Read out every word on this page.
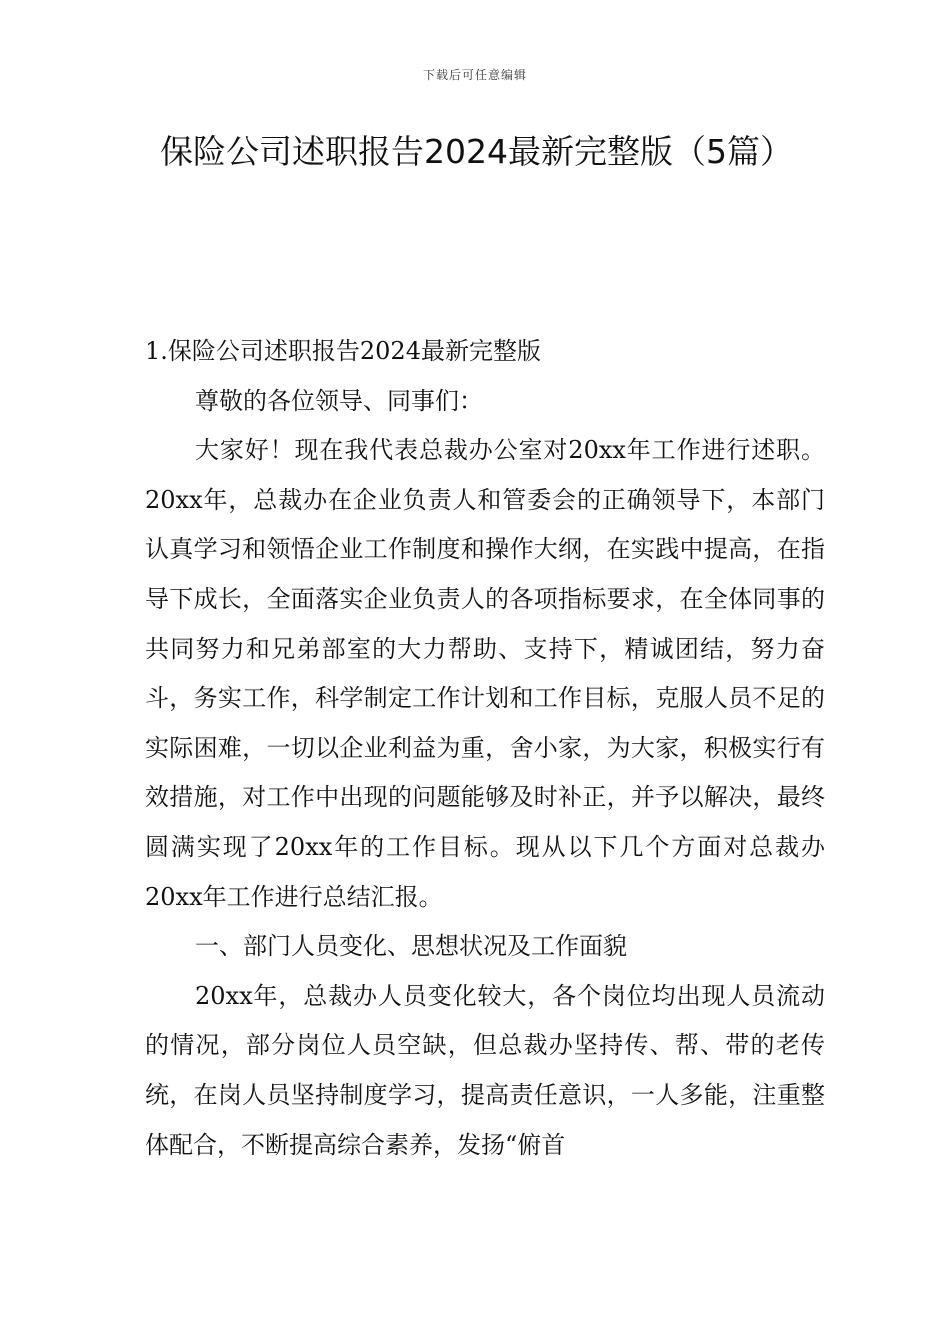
下载后可任意编辑
保险公司述职报告2024最新完整版（5篇）

1.保险公司述职报告2024最新完整版

尊敬的各位领导、同事们：

大家好！现在我代表总裁办公室对20xx年工作进行述职。20xx年，总裁办在企业负责人和管委会的正确领导下，本部门认真学习和领悟企业工作制度和操作大纲，在实践中提高，在指导下成长，全面落实企业负责人的各项指标要求，在全体同事的共同努力和兄弟部室的大力帮助、支持下，精诚团结，努力奋斗，务实工作，科学制定工作计划和工作目标，克服人员不足的实际困难，一切以企业利益为重，舍小家，为大家，积极实行有效措施，对工作中出现的问题能够及时补正，并予以解决，最终圆满实现了20xx年的工作目标。现从以下几个方面对总裁办20xx年工作进行总结汇报。

一、部门人员变化、思想状况及工作面貌

20xx年，总裁办人员变化较大，各个岗位均出现人员流动的情况，部分岗位人员空缺，但总裁办坚持传、帮、带的老传统，在岗人员坚持制度学习，提高责任意识，一人多能，注重整体配合，不断提高综合素养，发扬“俯首
